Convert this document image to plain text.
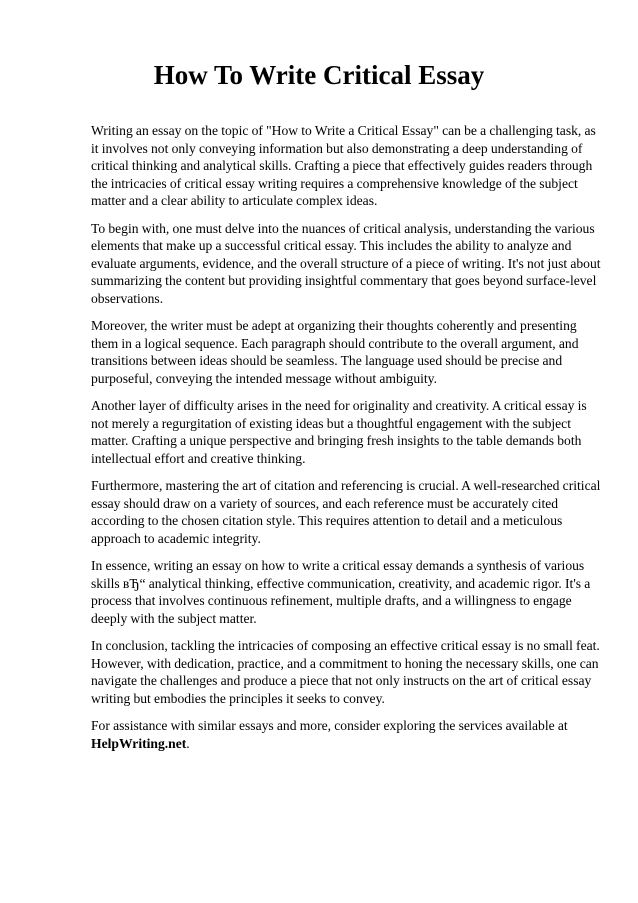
How To Write Critical Essay

Writing an essay on the topic of "How to Write a Critical Essay" can be a challenging task, as it involves not only conveying information but also demonstrating a deep understanding of critical thinking and analytical skills. Crafting a piece that effectively guides readers through the intricacies of critical essay writing requires a comprehensive knowledge of the subject matter and a clear ability to articulate complex ideas.

To begin with, one must delve into the nuances of critical analysis, understanding the various elements that make up a successful critical essay. This includes the ability to analyze and evaluate arguments, evidence, and the overall structure of a piece of writing. It's not just about summarizing the content but providing insightful commentary that goes beyond surface-level observations.

Moreover, the writer must be adept at organizing their thoughts coherently and presenting them in a logical sequence. Each paragraph should contribute to the overall argument, and transitions between ideas should be seamless. The language used should be precise and purposeful, conveying the intended message without ambiguity.

Another layer of difficulty arises in the need for originality and creativity. A critical essay is not merely a regurgitation of existing ideas but a thoughtful engagement with the subject matter. Crafting a unique perspective and bringing fresh insights to the table demands both intellectual effort and creative thinking.

Furthermore, mastering the art of citation and referencing is crucial. A well-researched critical essay should draw on a variety of sources, and each reference must be accurately cited according to the chosen citation style. This requires attention to detail and a meticulous approach to academic integrity.

In essence, writing an essay on how to write a critical essay demands a synthesis of various skills вЂ“ analytical thinking, effective communication, creativity, and academic rigor. It's a process that involves continuous refinement, multiple drafts, and a willingness to engage deeply with the subject matter.

In conclusion, tackling the intricacies of composing an effective critical essay is no small feat. However, with dedication, practice, and a commitment to honing the necessary skills, one can navigate the challenges and produce a piece that not only instructs on the art of critical essay writing but embodies the principles it seeks to convey.

For assistance with similar essays and more, consider exploring the services available at HelpWriting.net.
